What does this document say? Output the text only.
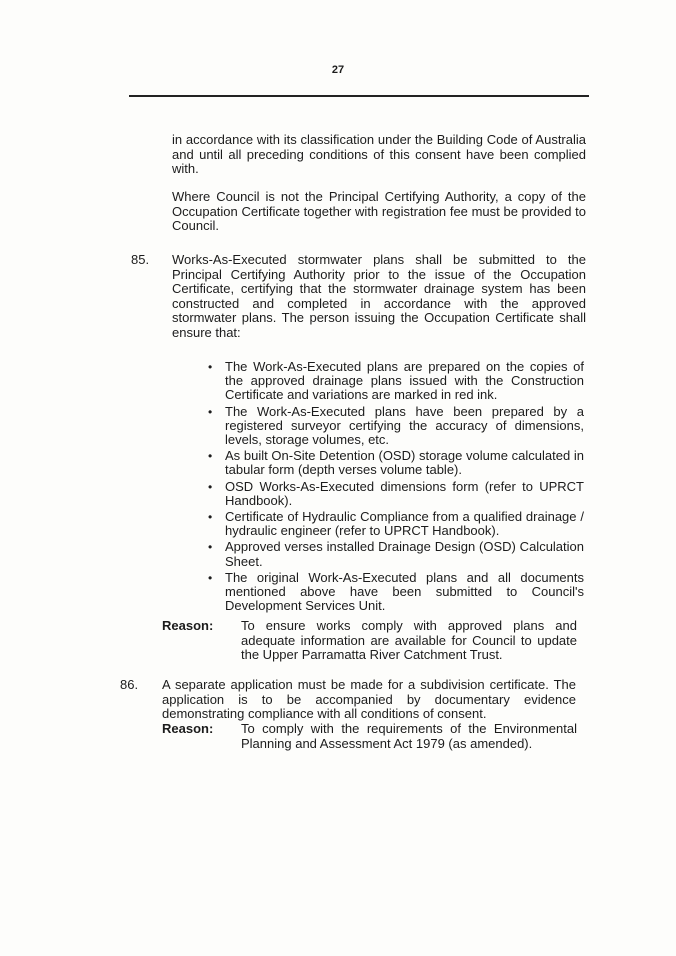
27
in accordance with its classification under the Building Code of Australia and until all preceding conditions of this consent have been complied with.
Where Council is not the Principal Certifying Authority, a copy of the Occupation Certificate together with registration fee must be provided to Council.
85. Works-As-Executed stormwater plans shall be submitted to the Principal Certifying Authority prior to the issue of the Occupation Certificate, certifying that the stormwater drainage system has been constructed and completed in accordance with the approved stormwater plans. The person issuing the Occupation Certificate shall ensure that:
• The Work-As-Executed plans are prepared on the copies of the approved drainage plans issued with the Construction Certificate and variations are marked in red ink.
• The Work-As-Executed plans have been prepared by a registered surveyor certifying the accuracy of dimensions, levels, storage volumes, etc.
• As built On-Site Detention (OSD) storage volume calculated in tabular form (depth verses volume table).
• OSD Works-As-Executed dimensions form (refer to UPRCT Handbook).
• Certificate of Hydraulic Compliance from a qualified drainage / hydraulic engineer (refer to UPRCT Handbook).
• Approved verses installed Drainage Design (OSD) Calculation Sheet.
• The original Work-As-Executed plans and all documents mentioned above have been submitted to Council's Development Services Unit.
Reason: To ensure works comply with approved plans and adequate information are available for Council to update the Upper Parramatta River Catchment Trust.
86. A separate application must be made for a subdivision certificate. The application is to be accompanied by documentary evidence demonstrating compliance with all conditions of consent.
Reason: To comply with the requirements of the Environmental Planning and Assessment Act 1979 (as amended).
